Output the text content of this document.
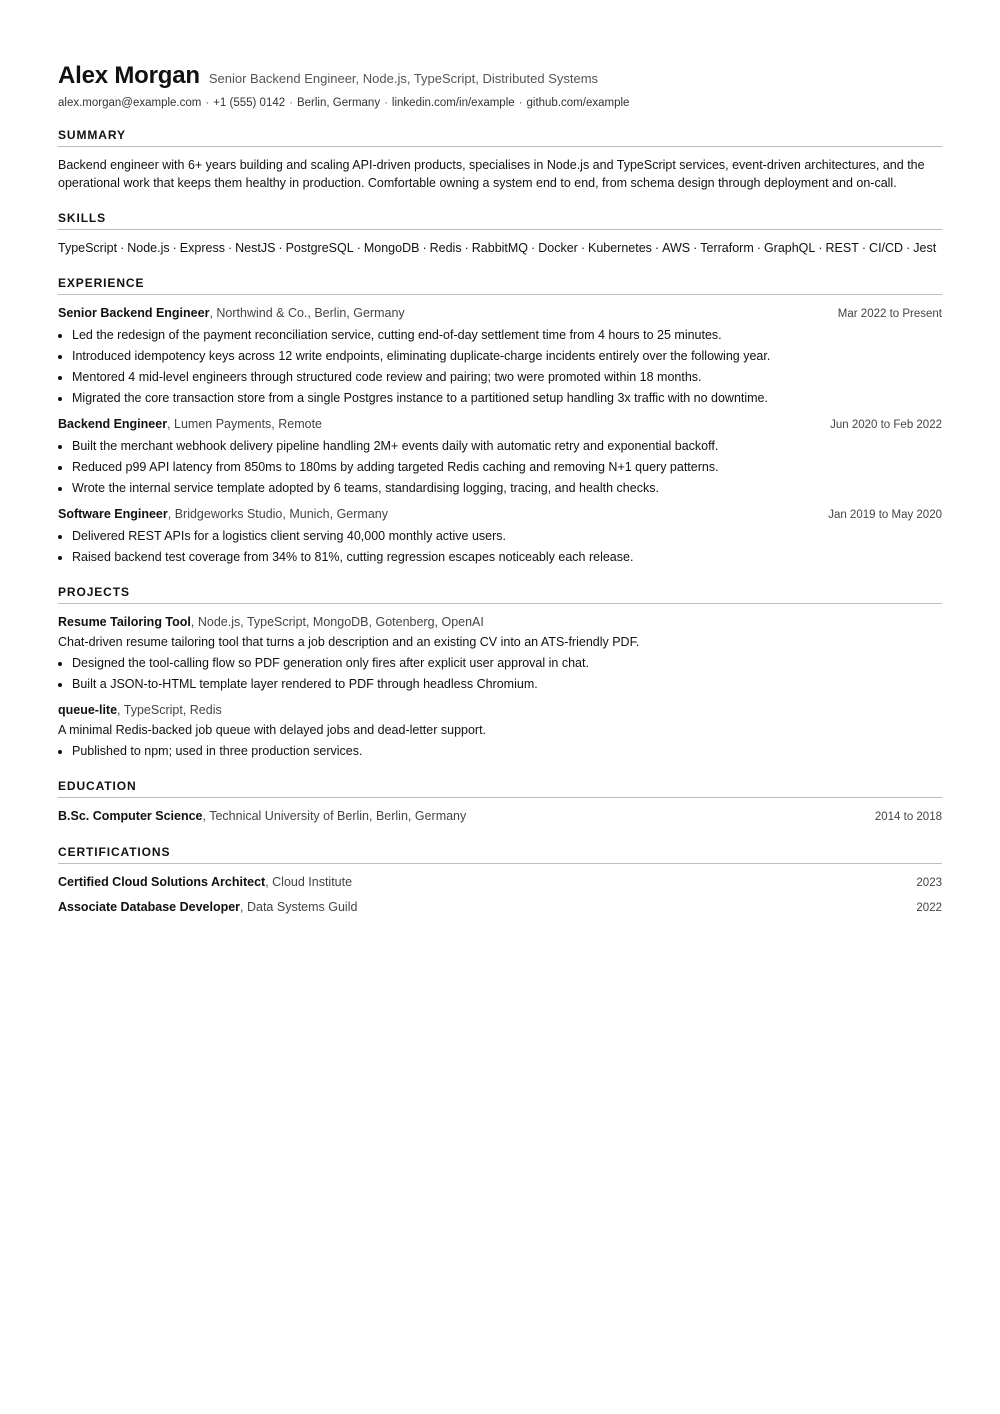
Alex Morgan Senior Backend Engineer, Node.js, TypeScript, Distributed Systems
alex.morgan@example.com · +1 (555) 0142 · Berlin, Germany · linkedin.com/in/example · github.com/example
SUMMARY
Backend engineer with 6+ years building and scaling API-driven products, specialises in Node.js and TypeScript services, event-driven architectures, and the operational work that keeps them healthy in production. Comfortable owning a system end to end, from schema design through deployment and on-call.
SKILLS
TypeScript · Node.js · Express · NestJS · PostgreSQL · MongoDB · Redis · RabbitMQ · Docker · Kubernetes · AWS · Terraform · GraphQL · REST · CI/CD · Jest
EXPERIENCE
Senior Backend Engineer, Northwind & Co., Berlin, Germany	Mar 2022 to Present
• Led the redesign of the payment reconciliation service, cutting end-of-day settlement time from 4 hours to 25 minutes.
• Introduced idempotency keys across 12 write endpoints, eliminating duplicate-charge incidents entirely over the following year.
• Mentored 4 mid-level engineers through structured code review and pairing; two were promoted within 18 months.
• Migrated the core transaction store from a single Postgres instance to a partitioned setup handling 3x traffic with no downtime.
Backend Engineer, Lumen Payments, Remote	Jun 2020 to Feb 2022
• Built the merchant webhook delivery pipeline handling 2M+ events daily with automatic retry and exponential backoff.
• Reduced p99 API latency from 850ms to 180ms by adding targeted Redis caching and removing N+1 query patterns.
• Wrote the internal service template adopted by 6 teams, standardising logging, tracing, and health checks.
Software Engineer, Bridgeworks Studio, Munich, Germany	Jan 2019 to May 2020
• Delivered REST APIs for a logistics client serving 40,000 monthly active users.
• Raised backend test coverage from 34% to 81%, cutting regression escapes noticeably each release.
PROJECTS
Resume Tailoring Tool, Node.js, TypeScript, MongoDB, Gotenberg, OpenAI
Chat-driven resume tailoring tool that turns a job description and an existing CV into an ATS-friendly PDF.
• Designed the tool-calling flow so PDF generation only fires after explicit user approval in chat.
• Built a JSON-to-HTML template layer rendered to PDF through headless Chromium.
queue-lite, TypeScript, Redis
A minimal Redis-backed job queue with delayed jobs and dead-letter support.
• Published to npm; used in three production services.
EDUCATION
B.Sc. Computer Science, Technical University of Berlin, Berlin, Germany	2014 to 2018
CERTIFICATIONS
Certified Cloud Solutions Architect, Cloud Institute	2023
Associate Database Developer, Data Systems Guild	2022
